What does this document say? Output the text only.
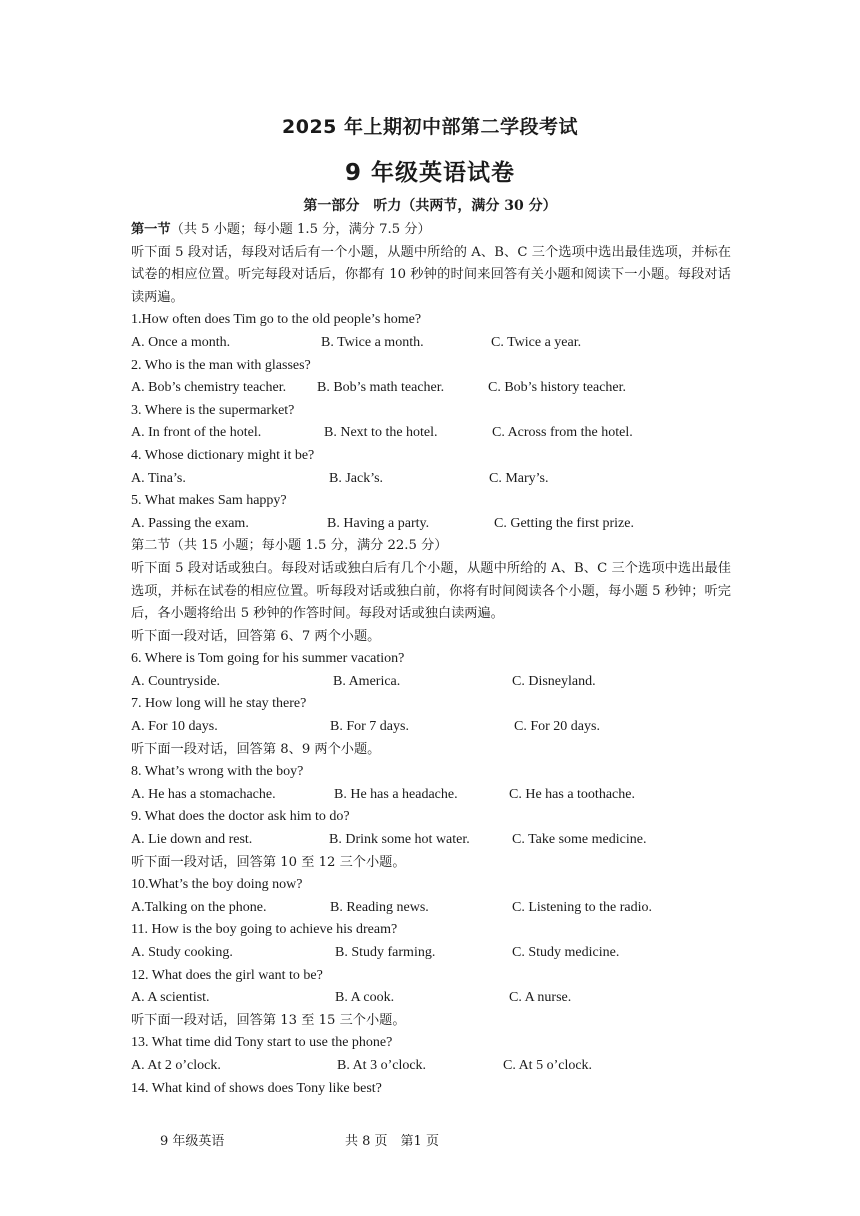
2025 年上期初中部第二学段考试
9 年级英语试卷
第一部分　听力（共两节，满分 30 分）
第一节（共 5 小题；每小题 1.5 分，满分 7.5 分）
听下面 5 段对话，每段对话后有一个小题，从题中所给的 A、B、C 三个选项中选出最佳选项，并标在试卷的相应位置。听完每段对话后，你都有 10 秒钟的时间来回答有关小题和阅读下一小题。每段对话读两遍。
1.How often does Tim go to the old people’s home?
A. Once a month.	B. Twice a month.	C. Twice a year.
2. Who is the man with glasses?
A. Bob’s chemistry teacher. B. Bob’s math teacher.	C. Bob’s history teacher.
3. Where is the supermarket?
A. In front of the hotel.	B. Next to the hotel.	C. Across from the hotel.
4. Whose dictionary might it be?
A. Tina’s.	B. Jack’s.	C. Mary’s.
5. What makes Sam happy?
A. Passing the exam.	B. Having a party.	C. Getting the first prize.
第二节（共 15 小题；每小题 1.5 分，满分 22.5 分）
听下面 5 段对话或独白。每段对话或独白后有几个小题，从题中所给的 A、B、C 三个选项中选出最佳选项，并标在试卷的相应位置。听每段对话或独白前，你将有时间阅读各个小题，每小题 5 秒钟；听完后，各小题将给出 5 秒钟的作答时间。每段对话或独白读两遍。
听下面一段对话，回答第 6、7 两个小题。
6. Where is Tom going for his summer vacation?
A. Countryside.	B. America.	C. Disneyland.
7. How long will he stay there?
A. For 10 days.	B. For 7 days.	C. For 20 days.
听下面一段对话，回答第 8、9 两个小题。
8. What’s wrong with the boy?
A. He has a stomachache.	B. He has a headache.	C. He has a toothache.
9. What does the doctor ask him to do?
A. Lie down and rest.	B. Drink some hot water.	C. Take some medicine.
听下面一段对话，回答第 10 至 12 三个小题。
10.What’s the boy doing now?
A.Talking on the phone.	B. Reading news.	C. Listening to the radio.
11. How is the boy going to achieve his dream?
A. Study cooking.	B. Study farming.	C. Study medicine.
12. What does the girl want to be?
A. A scientist.	B. A cook.	C. A nurse.
听下面一段对话，回答第 13 至 15 三个小题。
13. What time did Tony start to use the phone?
A. At 2 o’clock.	B. At 3 o’clock.	C. At 5 o’clock.
14. What kind of shows does Tony like best?
9 年级英语	共 8 页　第1 页
